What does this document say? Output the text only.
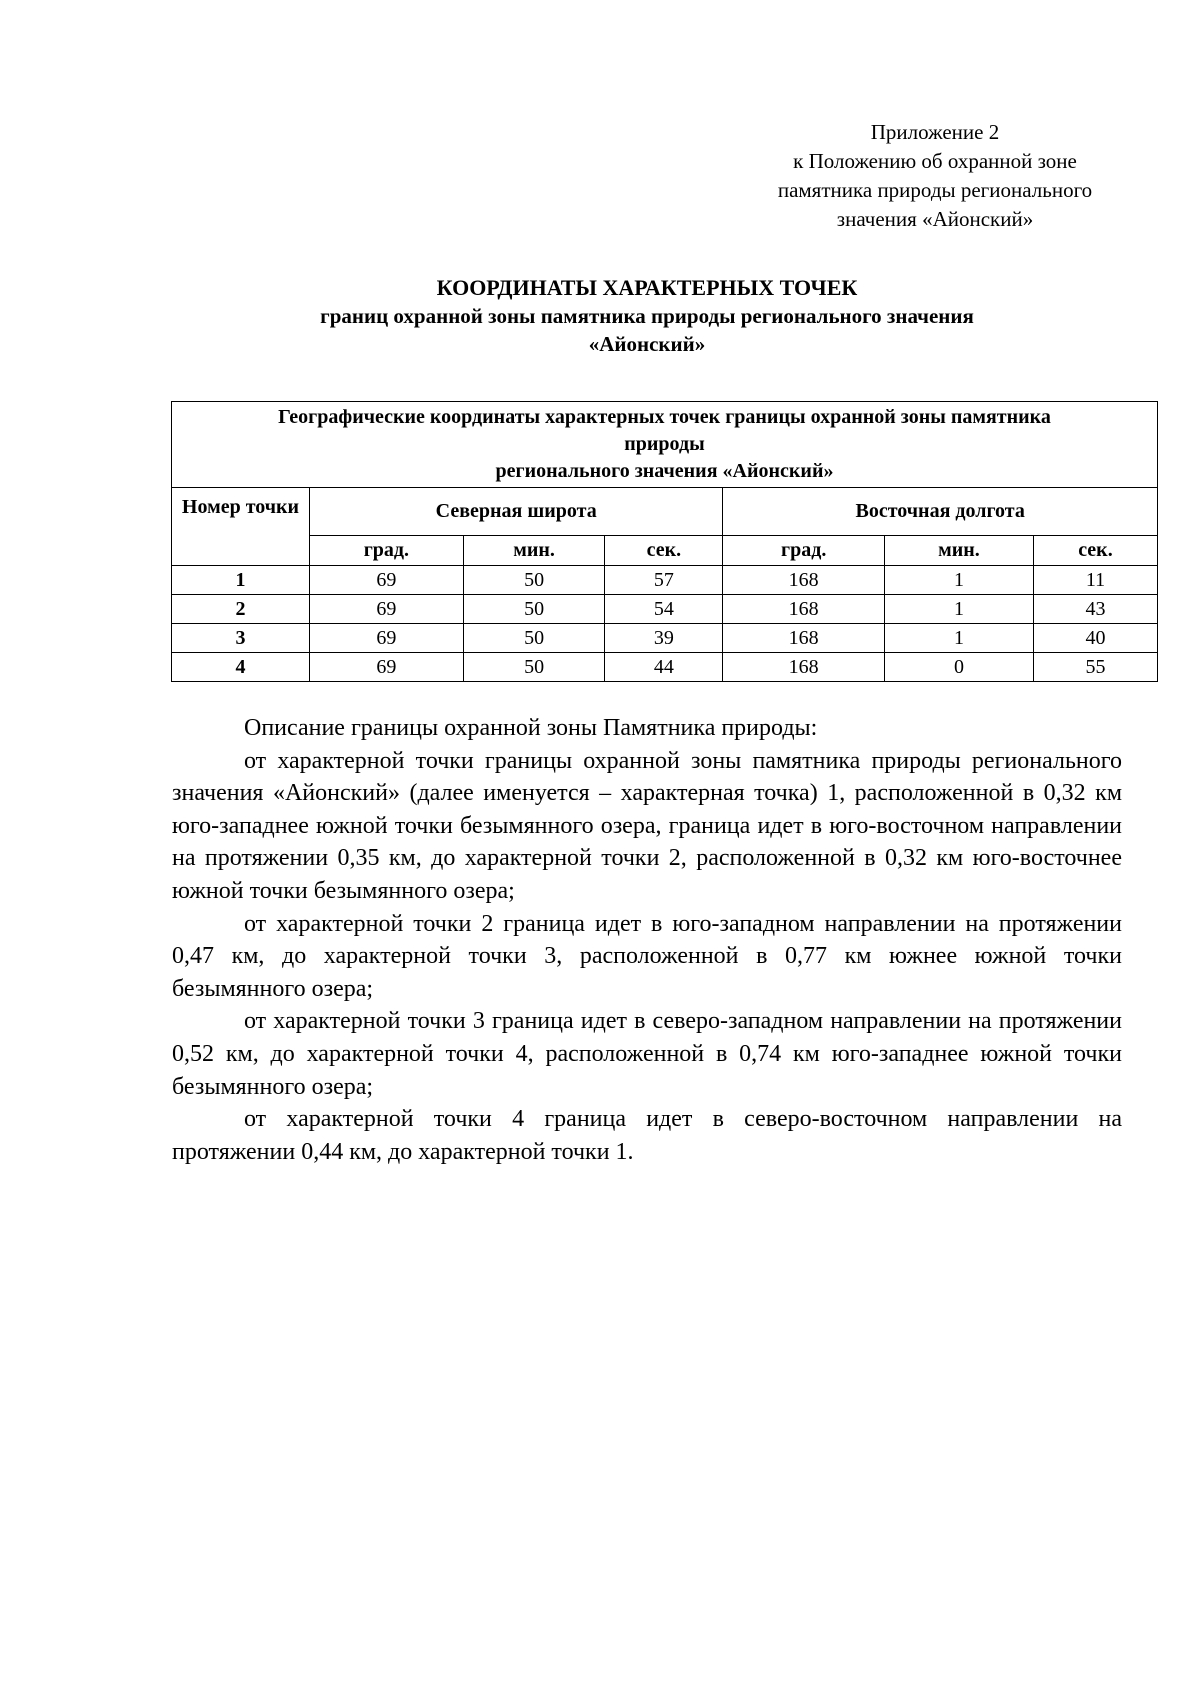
Приложение 2
к Положению об охранной зоне
памятника природы регионального
значения «Айонский»
КООРДИНАТЫ ХАРАКТЕРНЫХ ТОЧЕК
границ охранной зоны памятника природы регионального значения
«Айонский»
Географические координаты характерных точек границы охранной зоны памятника
природы
регионального значения «Айонский»						

Номер точки	Северная широта			Восточная долгота		
	град.	мин.	сек.	град.	мин.	сек.
1	69	50	57	168	1	11
2	69	50	54	168	1	43
3	69	50	39	168	1	40
4	69	50	44	168	0	55

Описание границы охранной зоны Памятника природы:

от характерной точки границы охранной зоны памятника природы регионального значения «Айонский» (далее именуется – характерная точка) 1, расположенной в 0,32 км юго-западнее южной точки безымянного озера, граница идет в юго-восточном направлении на протяжении 0,35 км, до характерной точки 2, расположенной в 0,32 км юго-восточнее южной точки безымянного озера;

от характерной точки 2 граница идет в юго-западном направлении на протяжении 0,47 км, до характерной точки 3, расположенной в 0,77 км южнее южной точки безымянного озера;

от характерной точки 3 граница идет в северо-западном направлении на протяжении 0,52 км, до характерной точки 4, расположенной в 0,74 км юго-западнее южной точки безымянного озера;

от характерной точки 4 граница идет в северо-восточном направлении на протяжении 0,44 км, до характерной точки 1.
